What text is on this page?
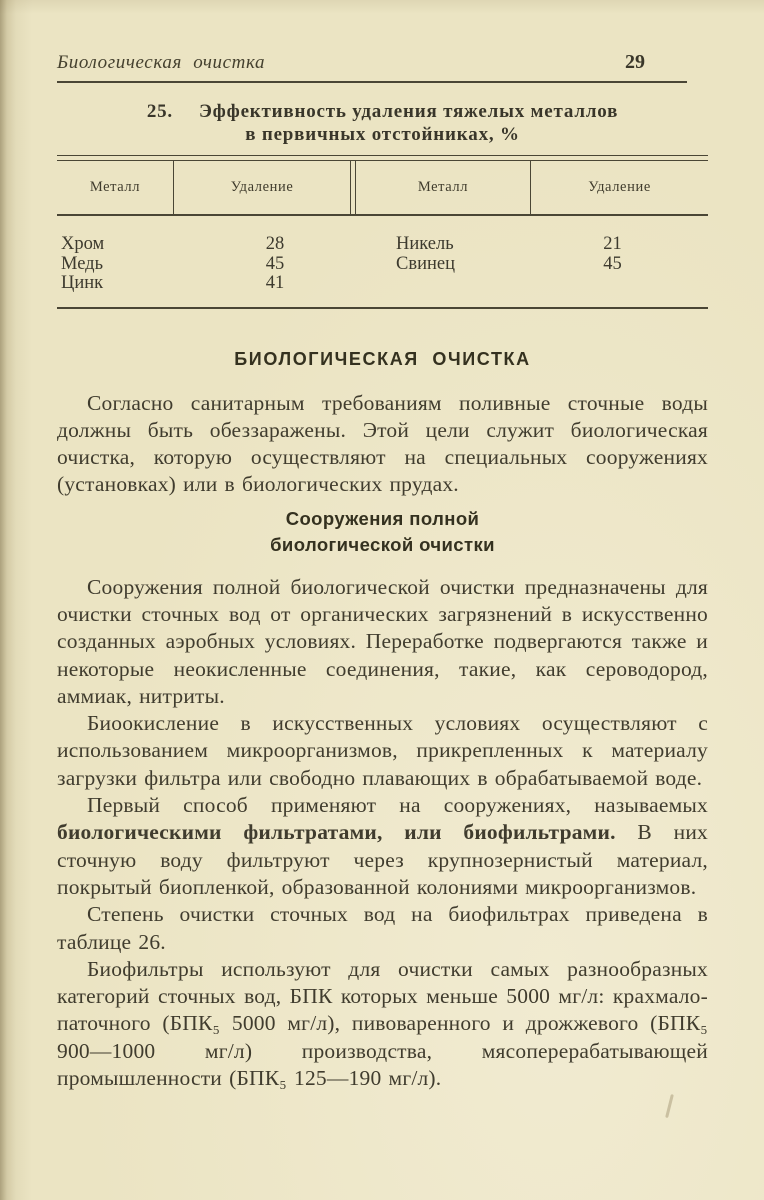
Биологическая очистка	29
25. Эффективность удаления тяжелых металлов
в первичных отстойниках, %
Металл	Удаление	Металл	Удаление
Хром	28	Никель	21
Медь	45	Свинец	45
Цинк	41
БИОЛОГИЧЕСКАЯ ОЧИСТКА

Согласно санитарным требованиям поливные сточные воды должны быть обеззаражены. Этой цели служит биологическая очистка, которую осуществляют на специальных сооружениях (установках) или в биологических прудах.

Сооружения полной
биологической очистки

Сооружения полной биологической очистки предназначены для очистки сточных вод от органических загрязнений в искусственно созданных аэробных условиях. Переработке подвергаются также и некоторые неокисленные соединения, такие, как сероводород, аммиак, нитриты.

Биоокисление в искусственных условиях осуществляют с использованием микроорганизмов, прикрепленных к материалу загрузки фильтра или свободно плавающих в обрабатываемой воде.

Первый способ применяют на сооружениях, называемых биологическими фильтратами, или биофильтрами. В них сточную воду фильтруют через крупнозернистый материал, покрытый биопленкой, образованной колониями микроорганизмов.

Степень очистки сточных вод на биофильтрах приведена в таблице 26.

Биофильтры используют для очистки самых разнообразных категорий сточных вод, БПК которых меньше 5000 мг/л: крахмало-паточного (БПК₅ 5000 мг/л), пивоваренного и дрожжевого (БПК₅ 900—1000 мг/л) производства, мясоперерабатывающей промышленности (БПК₅ 125—190 мг/л).
